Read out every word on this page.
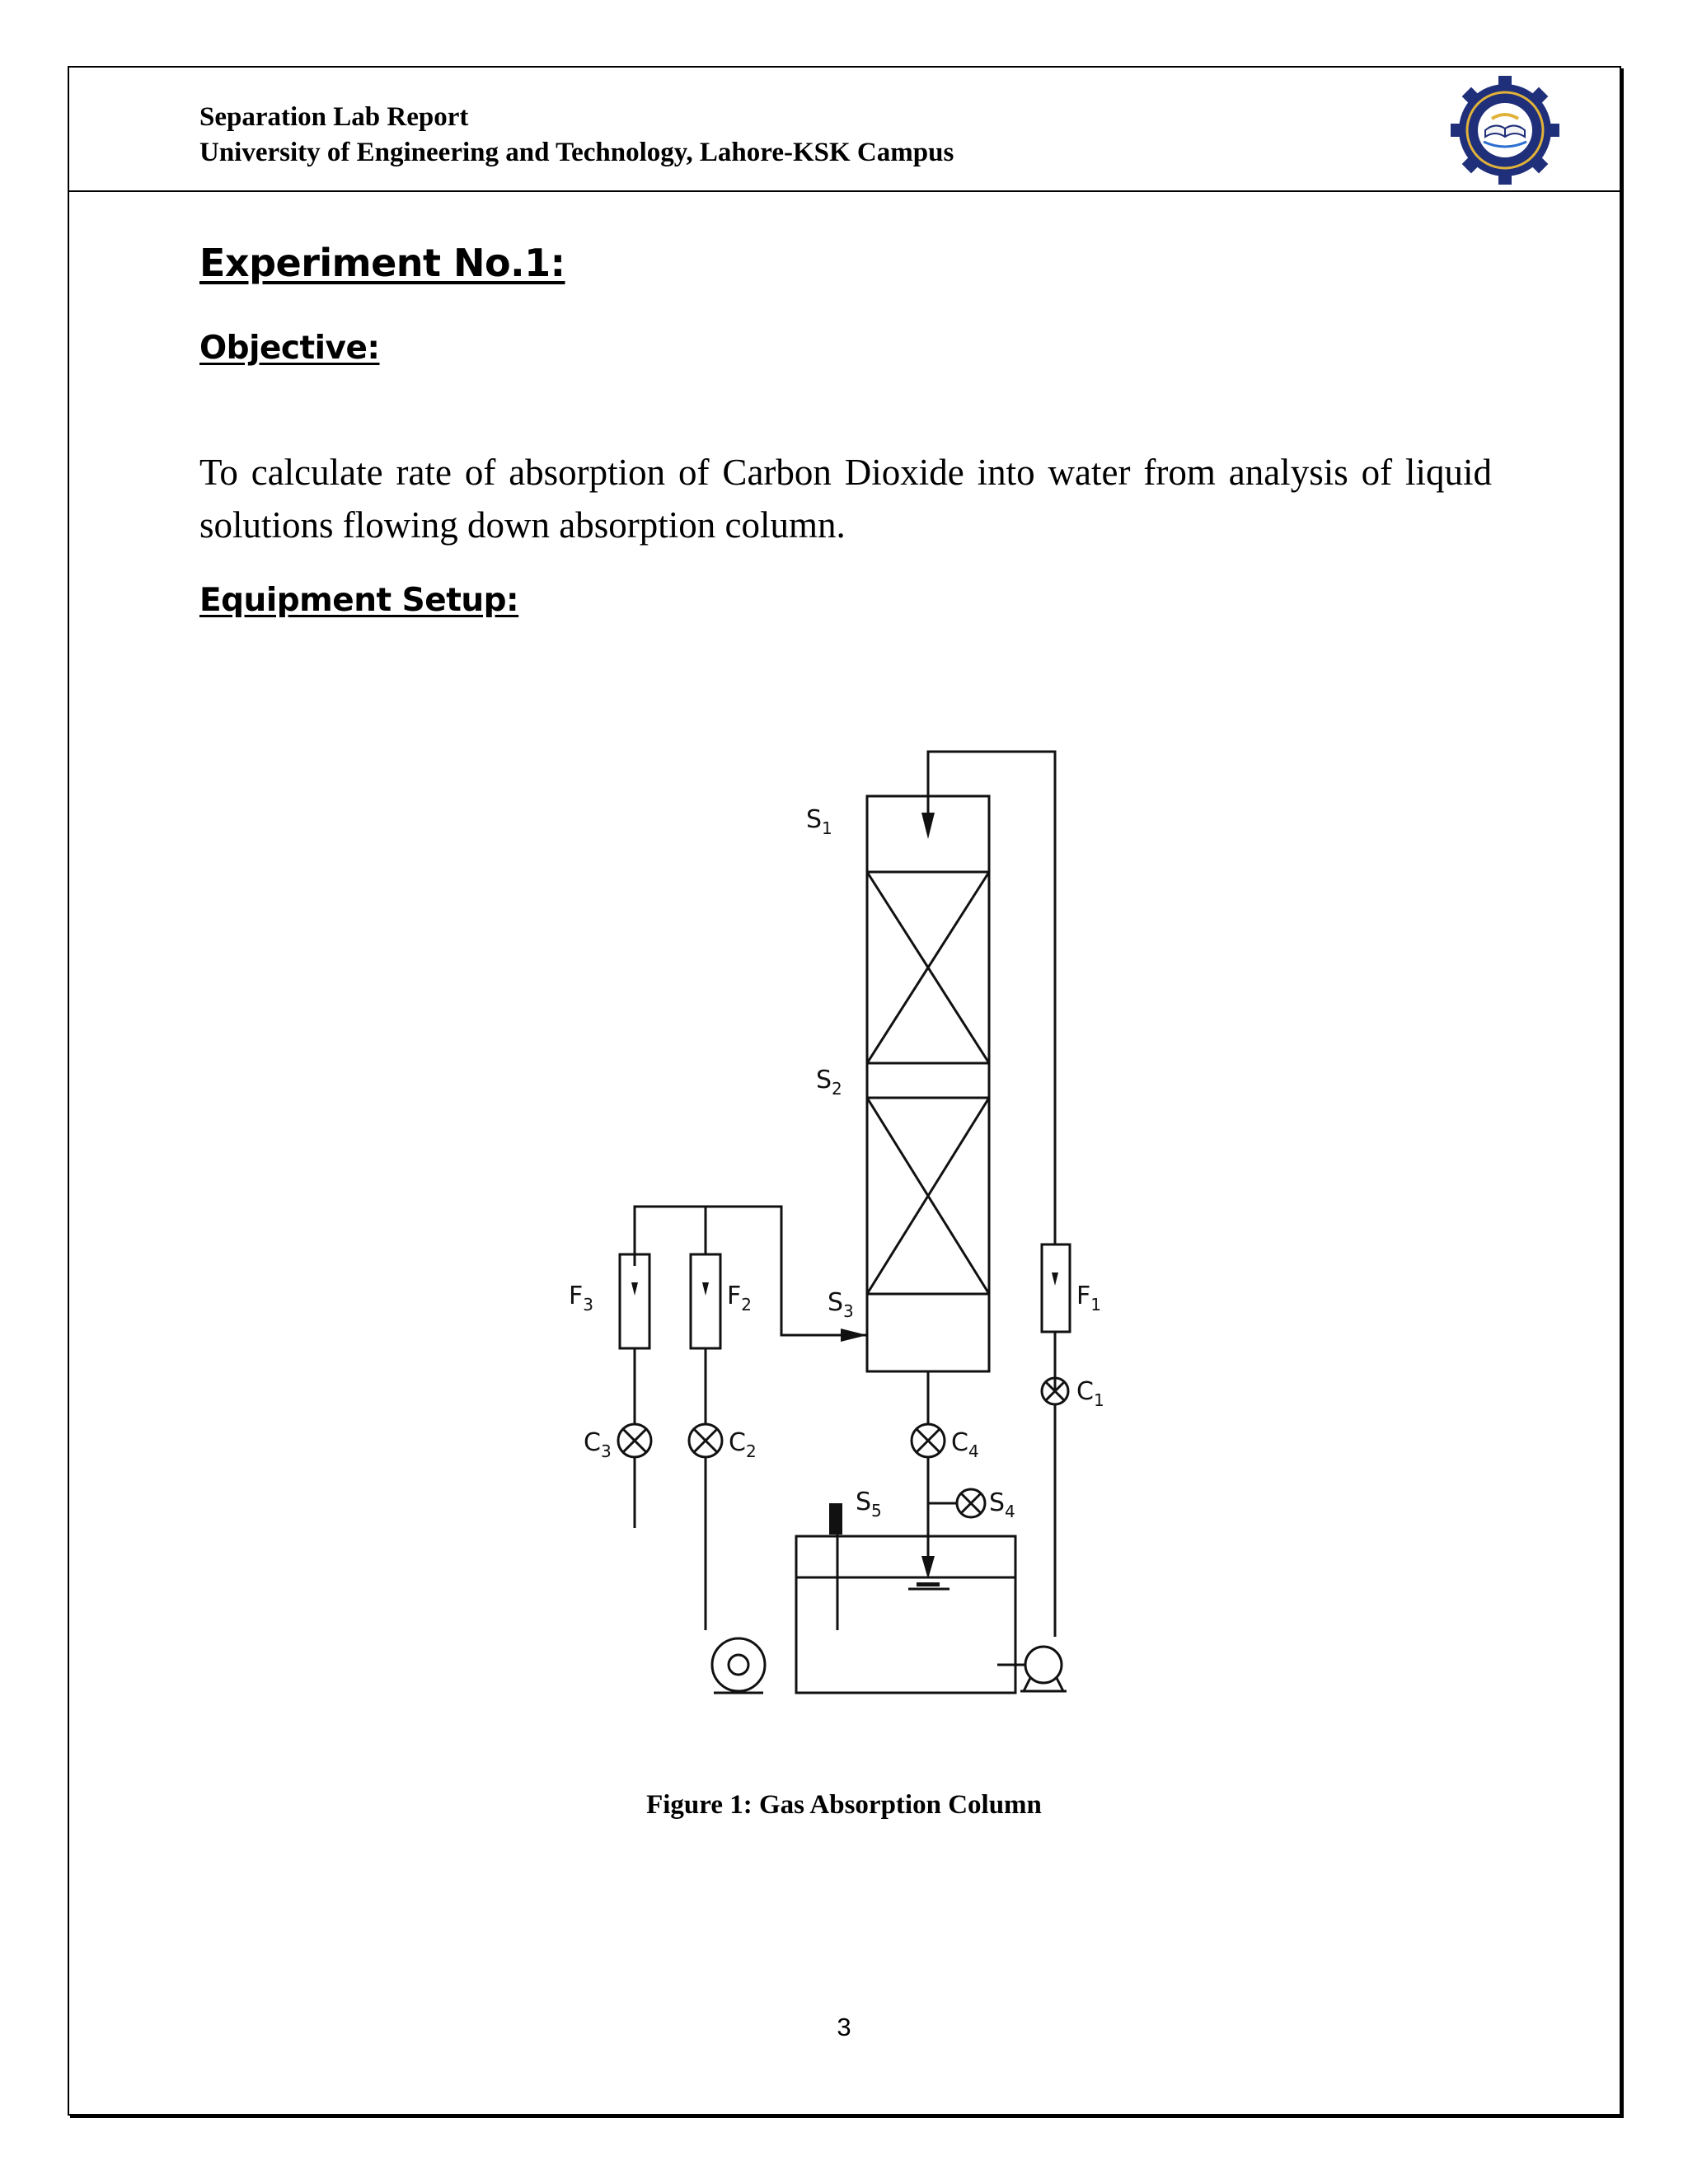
Separation Lab Report
University of Engineering and Technology, Lahore-KSK Campus
Experiment No.1:
Objective:
To calculate rate of absorption of Carbon Dioxide into water from analysis of liquid solutions flowing down absorption column.
Equipment Setup:
$S_1$
$S_2$
$S_3$
$S_4$
$S_5$
$F_1$
$F_2$
$F_3$
$C_1$
$C_2$
$C_3$	$C_4$
Figure 1: Gas Absorption Column
3
